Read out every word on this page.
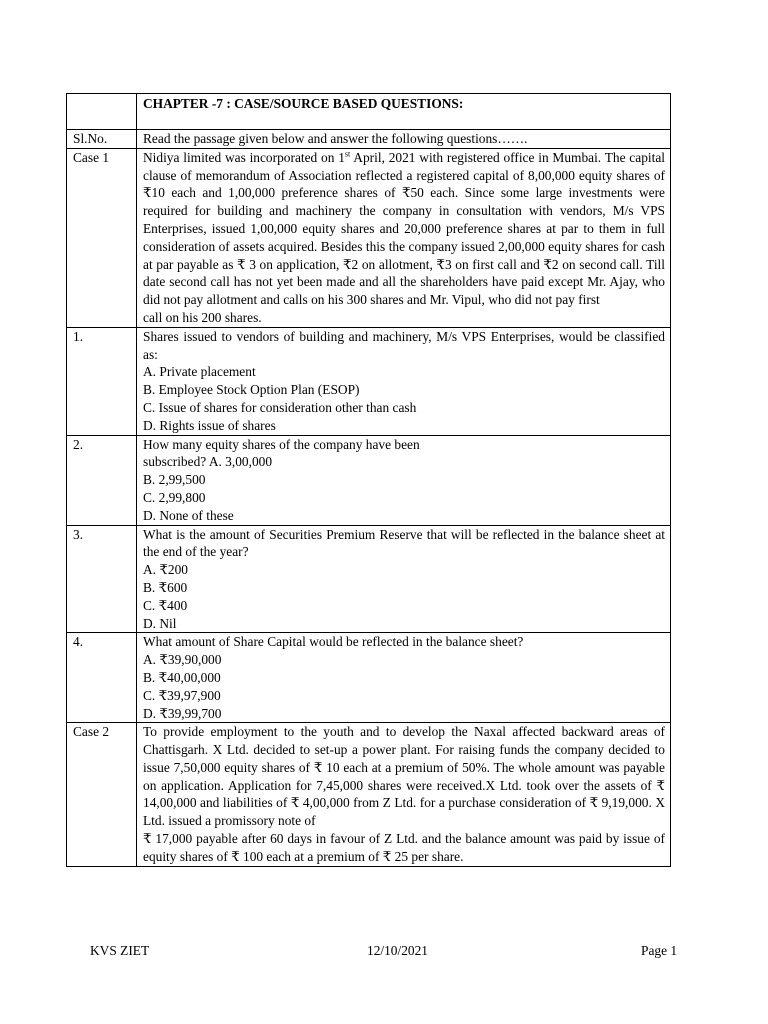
	CHAPTER -7 : CASE/SOURCE BASED QUESTIONS:
Sl.No.	Read the passage given below and answer the following questions…….
Case 1	Nidiya limited was incorporated on 1st April, 2021 with registered office in Mumbai. The capital clause of memorandum of Association reflected a registered capital of 8,00,000 equity shares of ₹10 each and 1,00,000 preference shares of ₹50 each. Since some large investments were required for building and machinery the company in consultation with vendors, M/s VPS Enterprises, issued 1,00,000 equity shares and 20,000 preference shares at par to them in full consideration of assets acquired. Besides this the company issued 2,00,000 equity shares for cash at par payable as ₹ 3 on application, ₹2 on allotment, ₹3 on first call and ₹2 on second call. Till date second call has not yet been made and all the shareholders have paid except Mr. Ajay, who did not pay allotment and calls on his 300 shares and Mr. Vipul, who did not pay first
call on his 200 shares.

1.	Shares issued to vendors of building and machinery, M/s VPS Enterprises, would be classified as:
A. Private placement
B. Employee Stock Option Plan (ESOP)
C. Issue of shares for consideration other than cash
D. Rights issue of shares

2.	How many equity shares of the company have been
subscribed? A. 3,00,000
B. 2,99,500
C. 2,99,800
D. None of these

3.	What is the amount of Securities Premium Reserve that will be reflected in the balance sheet at the end of the year?
A. ₹200
B. ₹600
C. ₹400
D. Nil

4.	What amount of Share Capital would be reflected in the balance sheet?
A. ₹39,90,000
B. ₹40,00,000
C. ₹39,97,900
D. ₹39,99,700

Case 2	To provide employment to the youth and to develop the Naxal affected backward areas of Chattisgarh. X Ltd. decided to set-up a power plant. For raising funds the company decided to issue 7,50,000 equity shares of ₹ 10 each at a premium of 50%. The whole amount was payable on application. Application for 7,45,000 shares were received.X Ltd. took over the assets of ₹ 14,00,000 and liabilities of ₹ 4,00,000 from Z Ltd. for a purchase consideration of ₹ 9,19,000. X Ltd. issued a promissory note of
₹ 17,000 payable after 60 days in favour of Z Ltd. and the balance amount was paid by issue of equity shares of ₹ 100 each at a premium of ₹ 25 per share.
KVS ZIET	12/10/2021	Page 1
